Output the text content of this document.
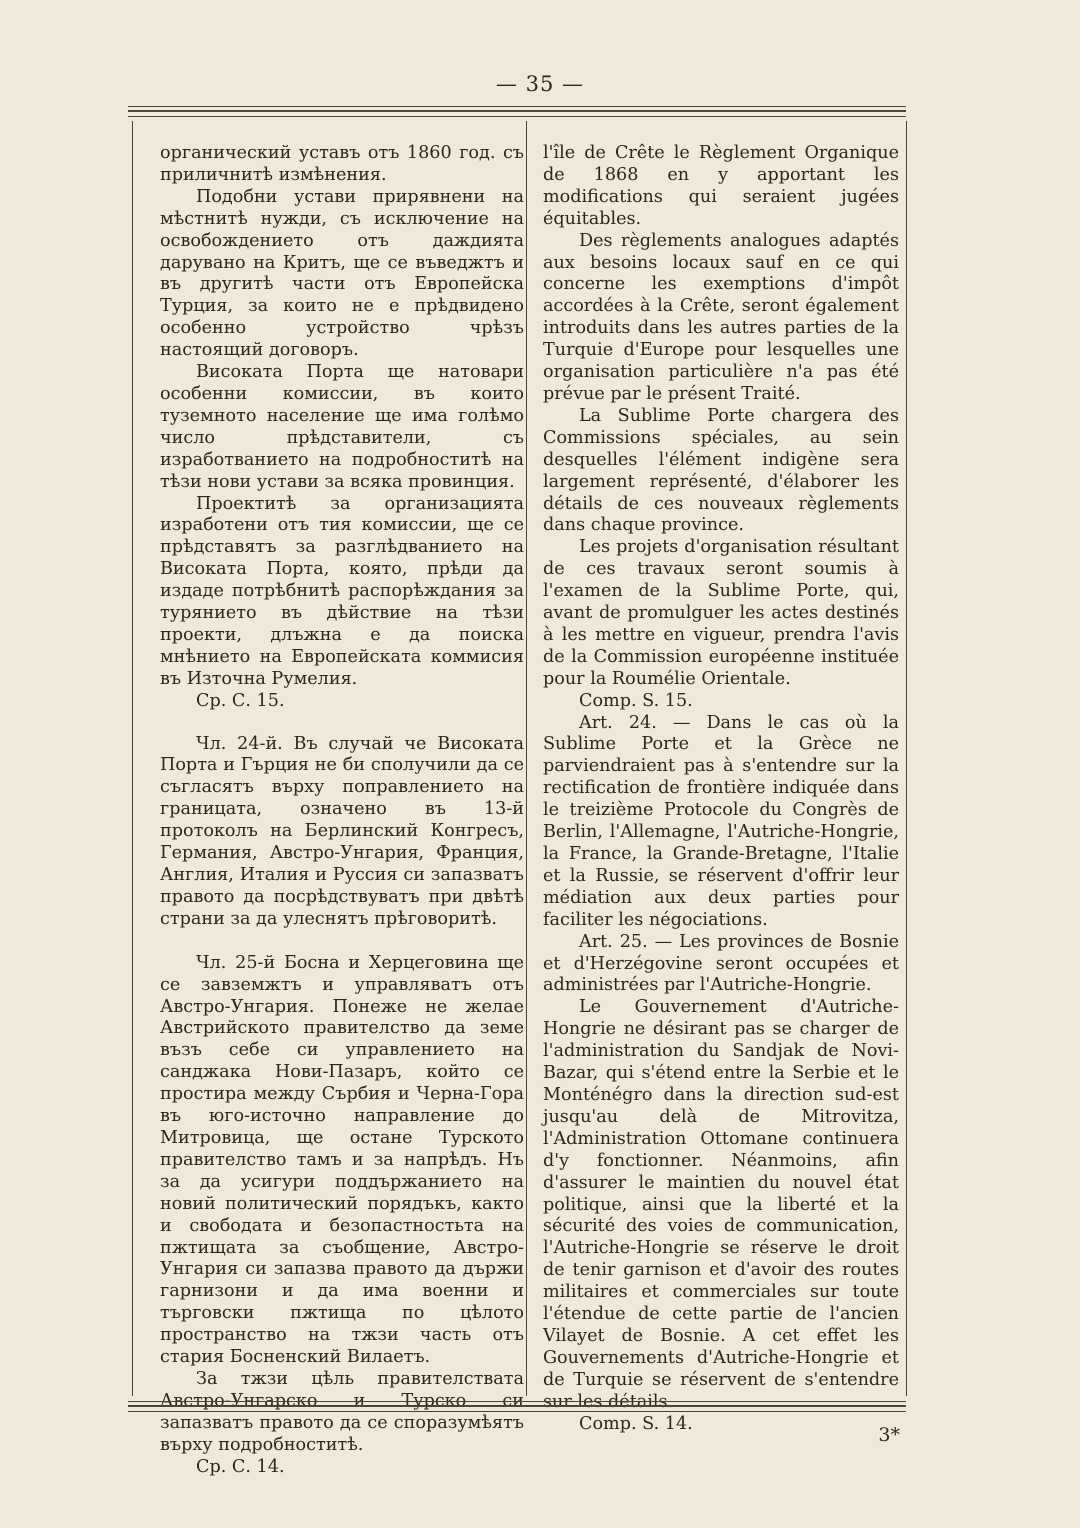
— 35 —

органический уставъ отъ 1860 год. съ приличнитѣ измѣнения.

Подобни устави прирявнени на мѣстнитѣ нужди, съ исключение на освобождението отъ даждията дарувано на Критъ, ще се въведжтъ и въ другитѣ части отъ Европейска Турция, за които не е прѣдвидено особенно устройство чрѣзъ настоящий договоръ.

Високата Порта ще натовари особенни комиссии, въ които туземното население ще има голѣмо число прѣдставители, съ изработванието на подробноститѣ на тѣзи нови устави за всяка провинция.

Проектитѣ за организацията изработени отъ тия комиссии, ще се прѣдставятъ за разглѣдванието на Високата Порта, която, прѣди да издаде потрѣбнитѣ распорѣждания за турянието въ дѣйствие на тѣзи проекти, длъжна е да поиска мнѣнието на Европейската коммисия въ Източна Румелия.

Ср. С. 15.

Чл. 24-й. Въ случай че Високата Порта и Гърция не би сполучили да се съгласятъ върху поправлението на границата, означено въ 13-й протоколъ на Берлинский Конгресъ, Германия, Австро-Унгария, Франция, Англия, Италия и Руссия си запазватъ правото да посрѣдствуватъ при двѣтѣ страни за да улеснятъ прѣговоритѣ.

Чл. 25-й Босна и Херцеговина ще се завземжтъ и управляватъ отъ Австро-Унгария. Понеже не желае Австрийското правителство да земе възъ себе си управлението на санджака Нови-Пазаръ, който се простира между Сърбия и Черна-Гора въ юго-источно направление до Митровица, ще остане Турското правителство тамъ и за напрѣдъ. Нъ за да усигури поддържанието на новий политический порядъкъ, както и свободата и безопастностьта на пжтищата за съобщение, Австро-Унгария си запазва правото да държи гарнизони и да има военни и търговски пжтища по цѣлото пространство на тжзи часть отъ стария Босненский Вилаетъ.

За тжзи цѣль правителствата Австро-Унгарско и Турско си запазватъ правото да се споразумѣятъ върху подробноститѣ.

Ср. С. 14.

l'île de Crête le Règlement Organique de 1868 en y apportant les modifications qui seraient jugées équitables.

Des règlements analogues adaptés aux besoins locaux sauf en ce qui concerne les exemptions d'impôt accordées à la Crête, seront également introduits dans les autres parties de la Turquie d'Europe pour lesquelles une organisation particulière n'a pas été prévue par le présent Traité.

La Sublime Porte chargera des Commissions spéciales, au sein desquelles l'élément indigène sera largement représenté, d'élaborer les détails de ces nouveaux règlements dans chaque province.

Les projets d'organisation résultant de ces travaux seront soumis à l'examen de la Sublime Porte, qui, avant de promulguer les actes destinés à les mettre en vigueur, prendra l'avis de la Commission européenne instituée pour la Roumélie Orientale.

Comp. S. 15.

Art. 24. — Dans le cas où la Sublime Porte et la Grèce ne parviendraient pas à s'entendre sur la rectification de frontière indiquée dans le treizième Protocole du Congrès de Berlin, l'Allemagne, l'Autriche-Hongrie, la France, la Grande-Bretagne, l'Italie et la Russie, se réservent d'offrir leur médiation aux deux parties pour faciliter les négociations.

Art. 25. — Les provinces de Bosnie et d'Herzégovine seront occupées et administrées par l'Autriche-Hongrie.

Le Gouvernement d'Autriche-Hongrie ne désirant pas se charger de l'administration du Sandjak de Novi-Bazar, qui s'étend entre la Serbie et le Monténégro dans la direction sud-est jusqu'au delà de Mitrovitza, l'Administration Ottomane continuera d'y fonctionner. Néanmoins, afin d'assurer le maintien du nouvel état politique, ainsi que la liberté et la sécurité des voies de communication, l'Autriche-Hongrie se réserve le droit de tenir garnison et d'avoir des routes militaires et commerciales sur toute l'étendue de cette partie de l'ancien Vilayet de Bosnie. A cet effet les Gouvernements d'Autriche-Hongrie et de Turquie se réservent de s'entendre sur les détails.

Comp. S. 14.

3*
